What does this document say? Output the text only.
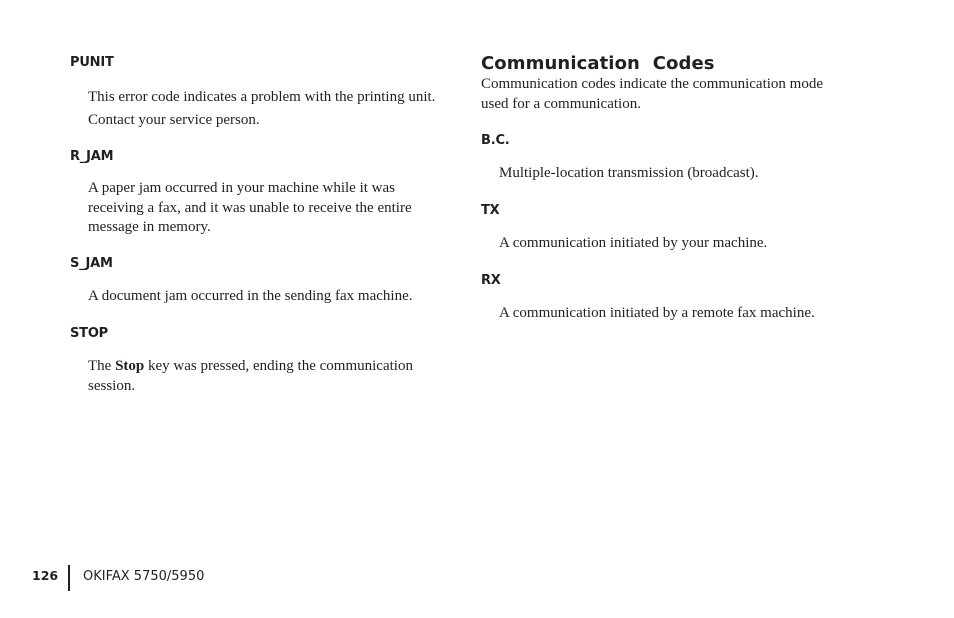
PUNIT
This error code indicates a problem with the printing unit.
Contact your service person.
R_JAM
A paper jam occurred in your machine while it was
receiving a fax, and it was unable to receive the entire
message in memory.
S_JAM
A document jam occurred in the sending fax machine.
STOP
The Stop key was pressed, ending the communication
session.
Communication  Codes
Communication codes indicate the communication mode
used for a communication.
B.C.
Multiple-location transmission (broadcast).
TX
A communication initiated by your machine.
RX
A communication initiated by a remote fax machine.
126 OKIFAX 5750/5950
